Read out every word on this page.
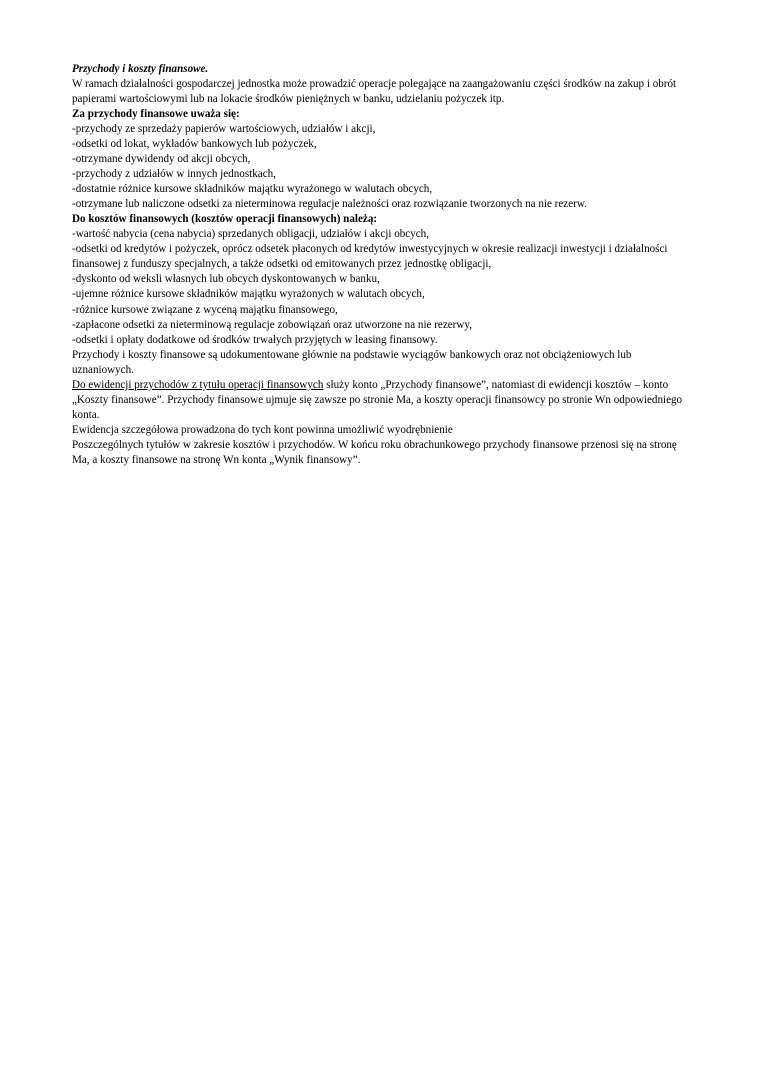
Przychody i koszty finansowe.

W ramach działalności gospodarczej jednostka może prowadzić operacje polegające na zaangażowaniu części środków na zakup i obrót papierami wartościowymi lub na lokacie środków pieniężnych w banku, udzielaniu pożyczek itp.

Za przychody finansowe uważa się:

-przychody ze sprzedaży papierów wartościowych, udziałów i akcji,

-odsetki od lokat, wykładów bankowych lub pożyczek,

-otrzymane dywidendy od akcji obcych,

-przychody z udziałów w innych jednostkach,

-dostatnie różnice kursowe składników majątku wyrażonego w walutach obcych,

-otrzymane lub naliczone odsetki za nieterminowa regulacje należności oraz rozwiązanie tworzonych na nie rezerw.

Do kosztów finansowych (kosztów operacji finansowych) należą:

-wartość nabycia (cena nabycia) sprzedanych obligacji, udziałów i akcji obcych,

-odsetki od kredytów i pożyczek, oprócz odsetek płaconych od kredytów inwestycyjnych w okresie realizacji inwestycji i działalności finansowej z funduszy specjalnych, a także odsetki od emitowanych przez jednostkę obligacji,

-dyskonto od weksli własnych lub obcych dyskontowanych w banku,

-ujemne różnice kursowe składników majątku wyrażonych w walutach obcych,

-różnice kursowe związane z wyceną majątku finansowego,

-zapłacone odsetki za nieterminową regulacje zobowiązań oraz utworzone na nie rezerwy,

-odsetki i opłaty dodatkowe od środków trwałych przyjętych w leasing finansowy.

Przychody i koszty finansowe są udokumentowane głównie na podstawie wyciągów bankowych oraz not obciążeniowych lub uznaniowych.

Do ewidencji przychodów z tytułu operacji finansowych służy konto „Przychody finansowe”, natomiast di ewidencji kosztów – konto „Koszty finansowe”. Przychody finansowe ujmuje się zawsze po stronie Ma, a koszty operacji finansowcy po stronie Wn odpowiedniego konta.

Ewidencja szczegółowa prowadzona do tych kont powinna umożliwić wyodrębnienie

Poszczególnych tytułów w zakresie kosztów i przychodów. W końcu roku obrachunkowego przychody finansowe przenosi się na stronę Ma, a koszty finansowe na stronę Wn konta „Wynik finansowy”.
